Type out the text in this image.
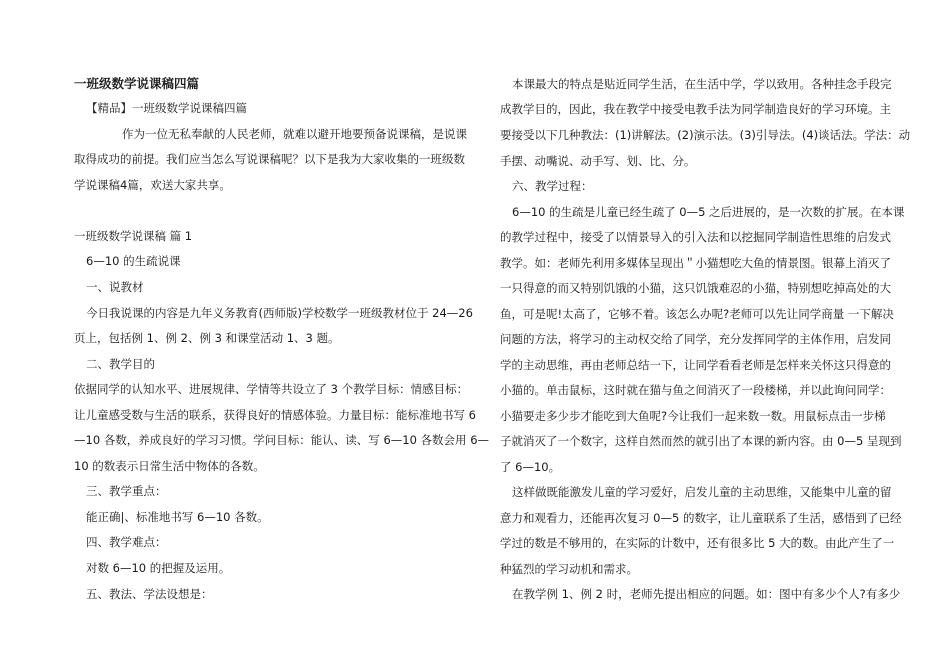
一班级数学说课稿四篇
【精品】一班级数学说课稿四篇
作为一位无私奉献的人民老师，就难以避开地要预备说课稿，是说课
取得成功的前提。我们应当怎么写说课稿呢？以下是我为大家收集的一班级数
学说课稿4篇，欢送大家共享。
一班级数学说课稿 篇 1
6—10 的生疏说课
一、说教材
今日我说课的内容是九年义务教育(西师版)学校数学一班级教材位于 24—26
页上，包括例 1、例 2、例 3 和课堂活动 1、3 题。
二、教学目的
依据同学的认知水平、进展规律、学情等共设立了 3 个教学目标：情感目标：
让儿童感受数与生活的联系，获得良好的情感体验。力量目标：能标准地书写 6
—10 各数，养成良好的学习习惯。学问目标：能认、读、写 6—10 各数会用 6—
10 的数表示日常生活中物体的各数。
三、教学重点：
能正确|、标准地书写 6—10 各数。
四、教学难点：
对数 6—10 的把握及运用。
五、教法、学法设想是：
本课最大的特点是贴近同学生活，在生活中学，学以致用。各种挂念手段完
成教学目的，因此，我在教学中接受电教手法为同学制造良好的学习环境。主
要接受以下几种教法：(1)讲解法。(2)演示法。(3)引导法。(4)谈话法。学法：动
手摆、动嘴说、动手写、划、比、分。
六、教学过程：
6—10 的生疏是儿童已经生疏了 0—5 之后进展的，是一次数的扩展。在本课
的教学过程中，接受了以情景导入的引入法和以挖掘同学制造性思维的启发式
教学。如：老师先利用多媒体呈现出＂小猫想吃大鱼的情景图。银幕上消灭了
一只得意的而又特别饥饿的小猫，这只饥饿难忍的小猫，特别想吃掉高处的大
鱼，可是呢!太高了，它够不着。该怎么办呢?老师可以先让同学商量 一下解决
问题的方法，将学习的主动权交给了同学，充分发挥同学的主体作用，启发同
学的主动思维，再由老师总结一下，让同学看看老师是怎样来关怀这只得意的
小猫的。单击鼠标，这时就在猫与鱼之间消灭了一段楼梯，并以此询问同学：
小猫要走多少步才能吃到大鱼呢?今让我们一起来数一数。用鼠标点击一步梯
子就消灭了一个数字，这样自然而然的就引出了本课的新内容。由 0—5 呈现到
了 6—10。
这样做既能激发儿童的学习爱好，启发儿童的主动思维，又能集中儿童的留
意力和观看力，还能再次复习 0—5 的数字，让儿童联系了生活，感悟到了已经
学过的数是不够用的，在实际的计数中，还有很多比 5 大的数。由此产生了一
种猛烈的学习动机和需求。
在教学例 1、例 2 时，老师先提出相应的问题。如：图中有多少个人?有多少
